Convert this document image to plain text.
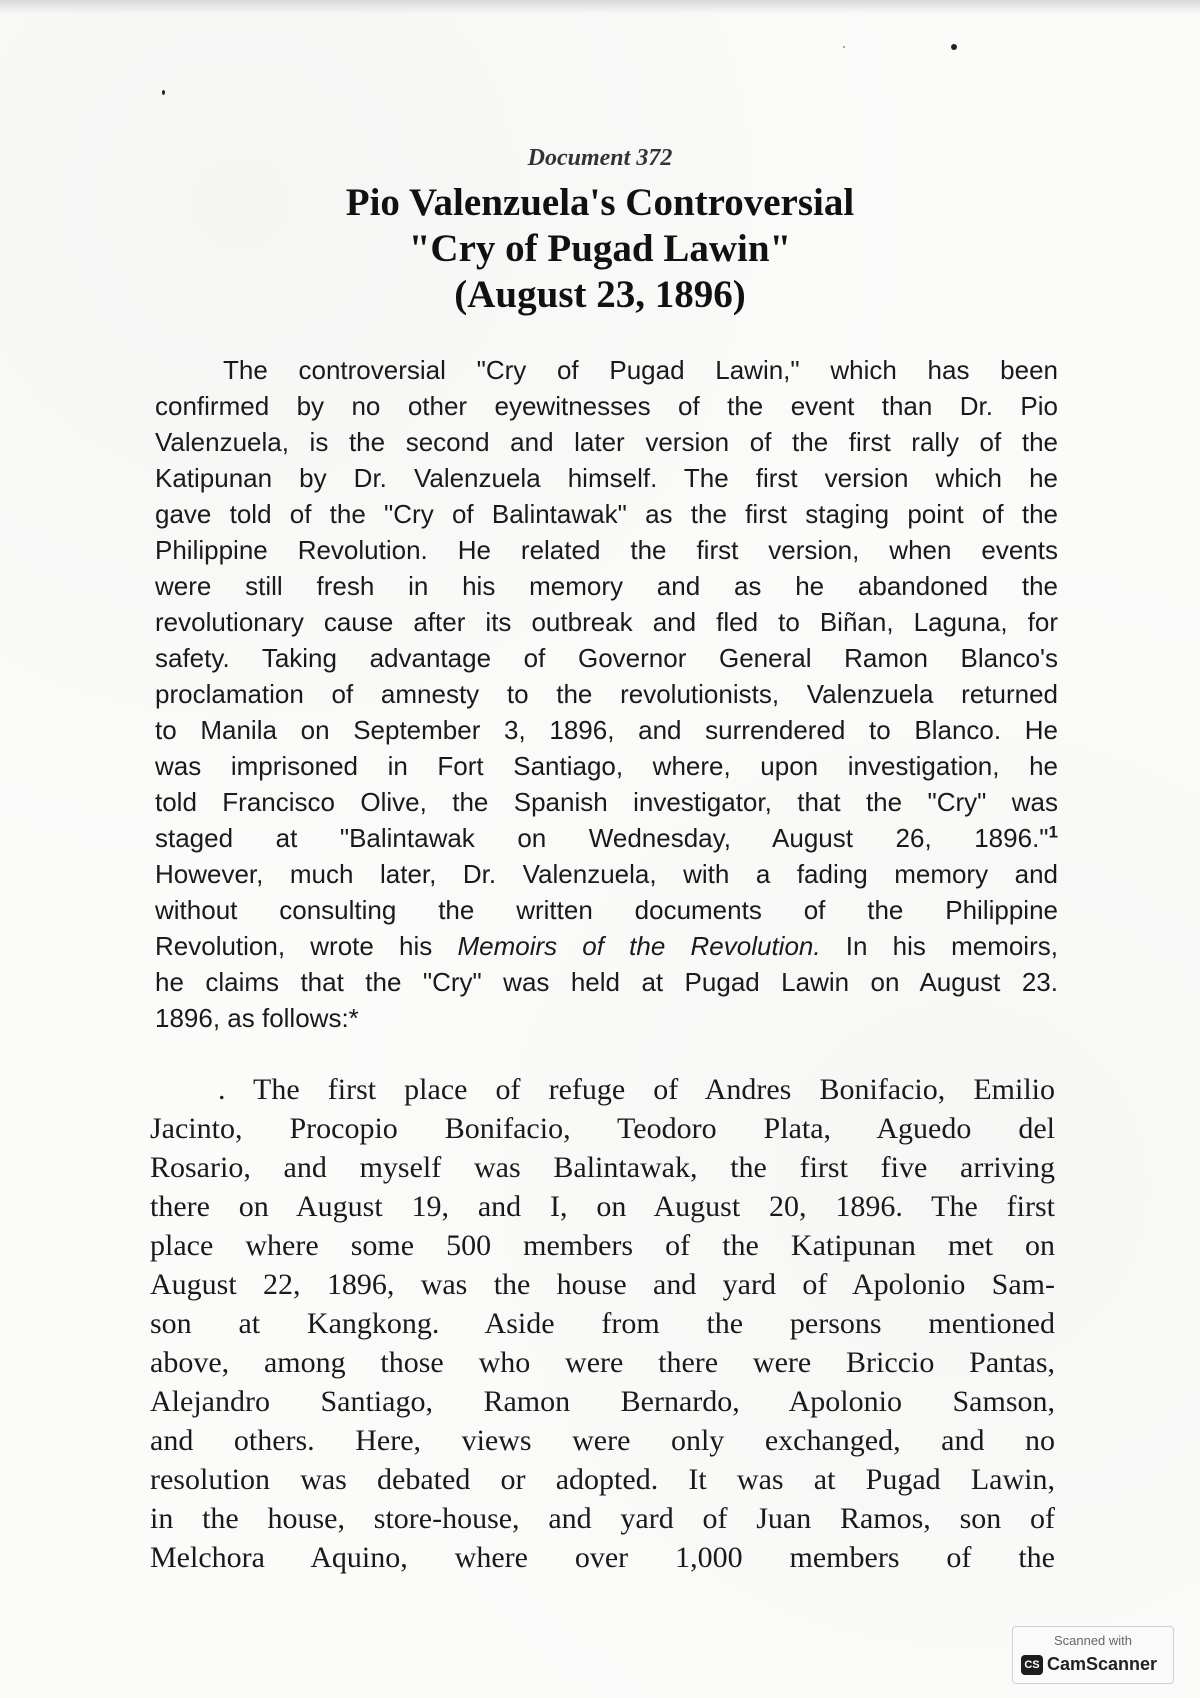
Document 372
Pio Valenzuela's Controversial
"Cry of Pugad Lawin"
(August 23, 1896)
The controversial "Cry of Pugad Lawin," which has been
confirmed by no other eyewitnesses of the event than Dr. Pio
Valenzuela, is the second and later version of the first rally of the
Katipunan by Dr. Valenzuela himself. The first version which he
gave told of the "Cry of Balintawak" as the first staging point of the
Philippine Revolution. He related the first version, when events
were still fresh in his memory and as he abandoned the
revolutionary cause after its outbreak and fled to Biñan, Laguna, for
safety. Taking advantage of Governor General Ramon Blanco's
proclamation of amnesty to the revolutionists, Valenzuela returned
to Manila on September 3, 1896, and surrendered to Blanco. He
was imprisoned in Fort Santiago, where, upon investigation, he
told Francisco Olive, the Spanish investigator, that the "Cry" was
staged at "Balintawak on Wednesday, August 26, 1896."$^1$
However, much later, Dr. Valenzuela, with a fading memory and
without consulting the written documents of the Philippine
Revolution, wrote his Memoirs of the Revolution. In his memoirs,
he claims that the "Cry" was held at Pugad Lawin on August 23.
1896, as follows:*
. The first place of refuge of Andres Bonifacio, Emilio
Jacinto, Procopio Bonifacio, Teodoro Plata, Aguedo del
Rosario, and myself was Balintawak, the first five arriving
there on August 19, and I, on August 20, 1896. The first
place where some 500 members of the Katipunan met on
August 22, 1896, was the house and yard of Apolonio Sam-
son at Kangkong. Aside from the persons mentioned
above, among those who were there were Briccio Pantas,
Alejandro Santiago, Ramon Bernardo, Apolonio Samson,
and others. Here, views were only exchanged, and no
resolution was debated or adopted. It was at Pugad Lawin,
in the house, store-house, and yard of Juan Ramos, son of
Melchora Aquino, where over 1,000 members of the
Scanned with
CS CamScanner
